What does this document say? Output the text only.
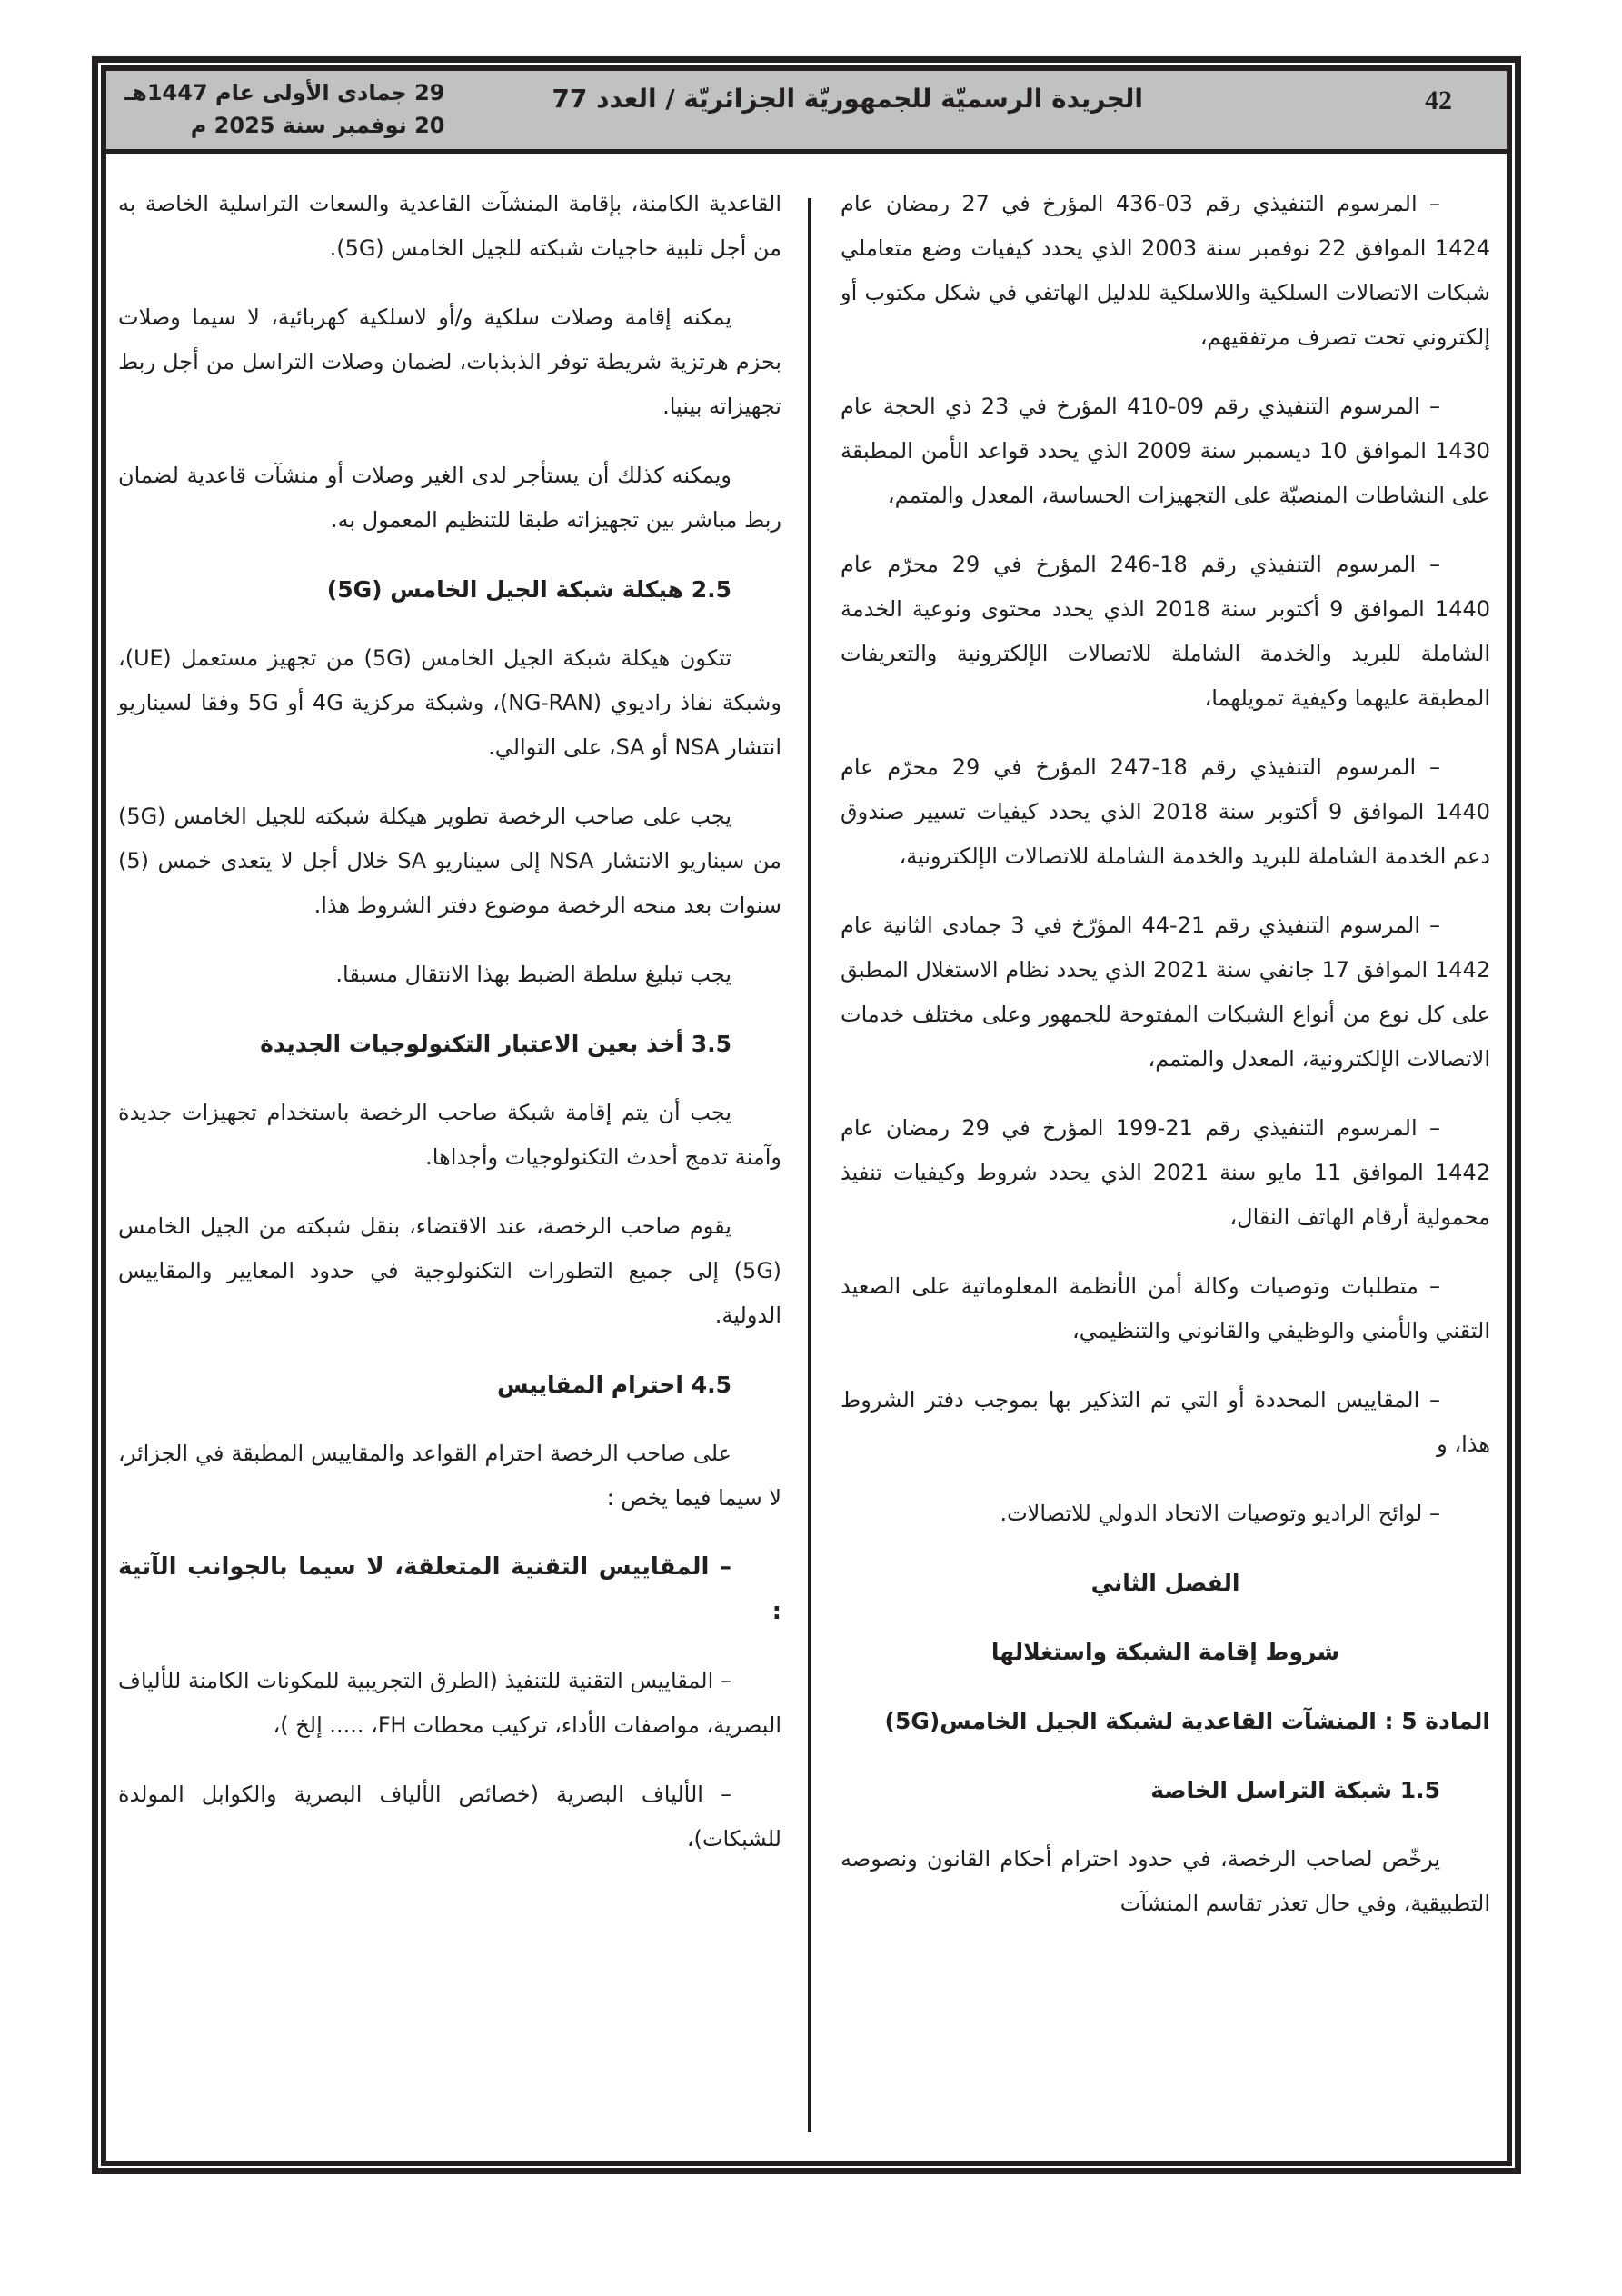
42
الجريدة الرسميّة للجمهوريّة الجزائريّة / العدد 77
29 جمادى الأولى عام 1447هـ
20 نوفمبر سنة 2025 م

– المرسوم التنفيذي رقم 03-436 المؤرخ في 27 رمضان عام 1424 الموافق 22 نوفمبر سنة 2003 الذي يحدد كيفيات وضع متعاملي شبكات الاتصالات السلكية واللاسلكية للدليل الهاتفي في شكل مكتوب أو إلكتروني تحت تصرف مرتفقيهم،

– المرسوم التنفيذي رقم 09-410 المؤرخ في 23 ذي الحجة عام 1430 الموافق 10 ديسمبر سنة 2009 الذي يحدد قواعد الأمن المطبقة على النشاطات المنصبّة على التجهيزات الحساسة، المعدل والمتمم،

– المرسوم التنفيذي رقم 18-246 المؤرخ في 29 محرّم عام 1440 الموافق 9 أكتوبر سنة 2018 الذي يحدد محتوى ونوعية الخدمة الشاملة للبريد والخدمة الشاملة للاتصالات الإلكترونية والتعريفات المطبقة عليهما وكيفية تمويلهما،

– المرسوم التنفيذي رقم 18-247 المؤرخ في 29 محرّم عام 1440 الموافق 9 أكتوبر سنة 2018 الذي يحدد كيفيات تسيير صندوق دعم الخدمة الشاملة للبريد والخدمة الشاملة للاتصالات الإلكترونية،

– المرسوم التنفيذي رقم 21-44 المؤرّخ في 3 جمادى الثانية عام 1442 الموافق 17 جانفي سنة 2021 الذي يحدد نظام الاستغلال المطبق على كل نوع من أنواع الشبكات المفتوحة للجمهور وعلى مختلف خدمات الاتصالات الإلكترونية، المعدل والمتمم،

– المرسوم التنفيذي رقم 21-199 المؤرخ في 29 رمضان عام 1442 الموافق 11 مايو سنة 2021 الذي يحدد شروط وكيفيات تنفيذ محمولية أرقام الهاتف النقال،

– متطلبات وتوصيات وكالة أمن الأنظمة المعلوماتية على الصعيد التقني والأمني والوظيفي والقانوني والتنظيمي،

– المقاييس المحددة أو التي تم التذكير بها بموجب دفتر الشروط هذا، و

– لوائح الراديو وتوصيات الاتحاد الدولي للاتصالات.

الفصل الثاني
شروط إقامة الشبكة واستغلالها
المادة 5 : المنشآت القاعدية لشبكة الجيل الخامس(5G)
1.5 شبكة التراسل الخاصة

يرخّص لصاحب الرخصة، في حدود احترام أحكام القانون ونصوصه التطبيقية، وفي حال تعذر تقاسم المنشآت

القاعدية الكامنة، بإقامة المنشآت القاعدية والسعات التراسلية الخاصة به من أجل تلبية حاجيات شبكته للجيل الخامس (5G).

يمكنه إقامة وصلات سلكية و/أو لاسلكية كهربائية، لا سيما وصلات بحزم هرتزية شريطة توفر الذبذبات، لضمان وصلات التراسل من أجل ربط تجهيزاته بينيا.

ويمكنه كذلك أن يستأجر لدى الغير وصلات أو منشآت قاعدية لضمان ربط مباشر بين تجهيزاته طبقا للتنظيم المعمول به.

2.5 هيكلة شبكة الجيل الخامس (5G)

تتكون هيكلة شبكة الجيل الخامس (5G) من تجهيز مستعمل (UE)، وشبكة نفاذ راديوي (NG-RAN)، وشبكة مركزية 4G أو 5G وفقا لسيناريو انتشار NSA أو SA، على التوالي.

يجب على صاحب الرخصة تطوير هيكلة شبكته للجيل الخامس (5G) من سيناريو الانتشار NSA إلى سيناريو SA خلال أجل لا يتعدى خمس (5) سنوات بعد منحه الرخصة موضوع دفتر الشروط هذا.

يجب تبليغ سلطة الضبط بهذا الانتقال مسبقا.

3.5 أخذ بعين الاعتبار التكنولوجيات الجديدة

يجب أن يتم إقامة شبكة صاحب الرخصة باستخدام تجهيزات جديدة وآمنة تدمج أحدث التكنولوجيات وأجداها.

يقوم صاحب الرخصة، عند الاقتضاء، بنقل شبكته من الجيل الخامس (5G) إلى جميع التطورات التكنولوجية في حدود المعايير والمقاييس الدولية.

4.5 احترام المقاييس

على صاحب الرخصة احترام القواعد والمقاييس المطبقة في الجزائر، لا سيما فيما يخص :

– المقاييس التقنية المتعلقة، لا سيما بالجوانب الآتية :

– المقاييس التقنية للتنفيذ (الطرق التجريبية للمكونات الكامنة للألياف البصرية، مواصفات الأداء، تركيب محطات FH، ..... إلخ )،

– الألياف البصرية (خصائص الألياف البصرية والكوابل المولدة للشبكات)،
